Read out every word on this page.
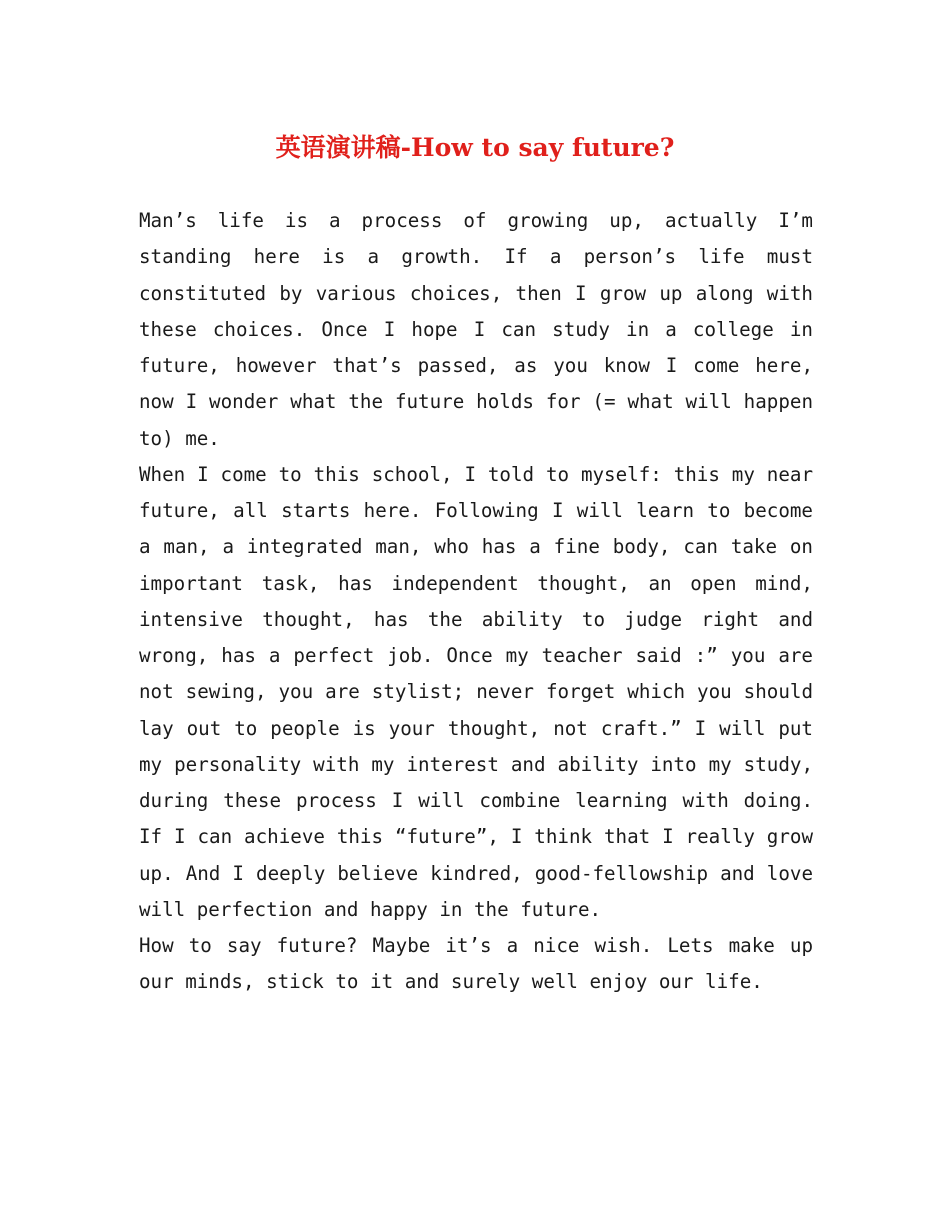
英语演讲稿-How to say future?

Man’s life is a process of growing up, actually I’m standing here is a growth. If a person’s life must constituted by various choices, then I grow up along with these choices. Once I hope I can study in a college in future, however that’s passed, as you know I come here, now I wonder what the future holds for (= what will happen to) me.

When I come to this school, I told to myself: this my near future, all starts here. Following I will learn to become a man, a integrated man, who has a fine body, can take on important task, has independent thought, an open mind, intensive thought, has the ability to judge right and wrong, has a perfect job. Once my teacher said :” you are not sewing, you are stylist; never forget which you should lay out to people is your thought, not craft.” I will put my personality with my interest and ability into my study, during these process I will combine learning with doing. If I can achieve this “future”, I think that I really grow up. And I deeply believe kindred, good-fellowship and love will perfection and happy in the future.

How to say future? Maybe it’s a nice wish. Lets make up our minds, stick to it and surely well enjoy our life.
